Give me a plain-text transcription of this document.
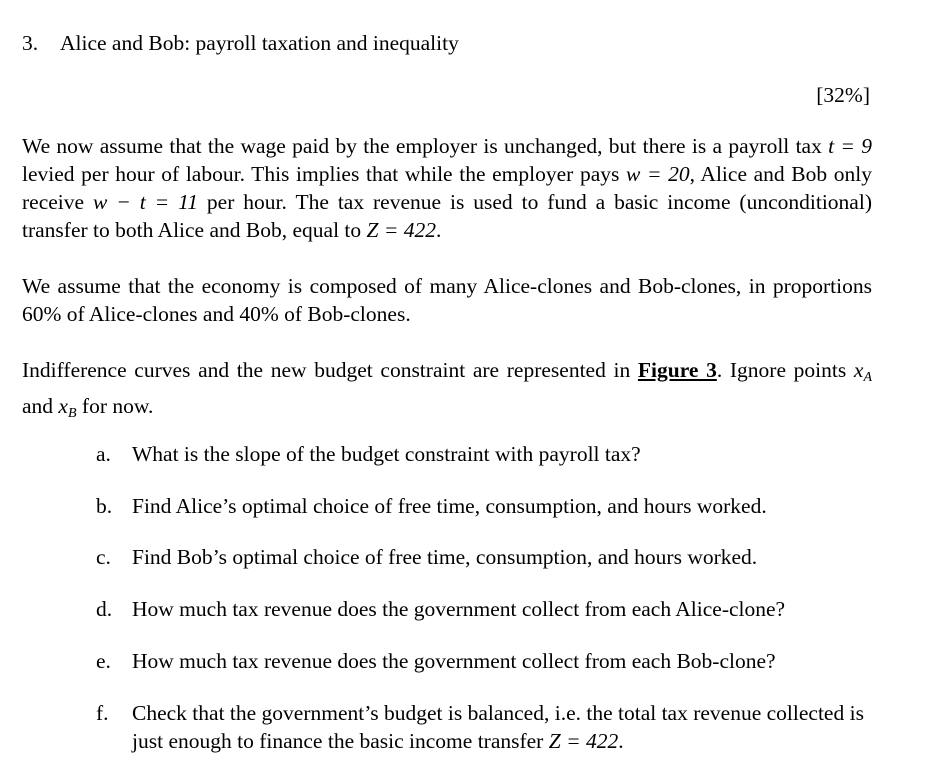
3. Alice and Bob: payroll taxation and inequality
[32%]
We now assume that the wage paid by the employer is unchanged, but there is a payroll tax t = 9 levied per hour of labour. This implies that while the employer pays w = 20, Alice and Bob only receive w − t = 11 per hour. The tax revenue is used to fund a basic income (unconditional) transfer to both Alice and Bob, equal to Z = 422.
We assume that the economy is composed of many Alice-clones and Bob-clones, in proportions 60% of Alice-clones and 40% of Bob-clones.
Indifference curves and the new budget constraint are represented in Figure 3. Ignore points $x_A$ and $x_B$ for now.
a. What is the slope of the budget constraint with payroll tax?
b. Find Alice’s optimal choice of free time, consumption, and hours worked.
c. Find Bob’s optimal choice of free time, consumption, and hours worked.
d. How much tax revenue does the government collect from each Alice-clone?
e. How much tax revenue does the government collect from each Bob-clone?
f. Check that the government’s budget is balanced, i.e. the total tax revenue collected is just enough to finance the basic income transfer Z = 422.
